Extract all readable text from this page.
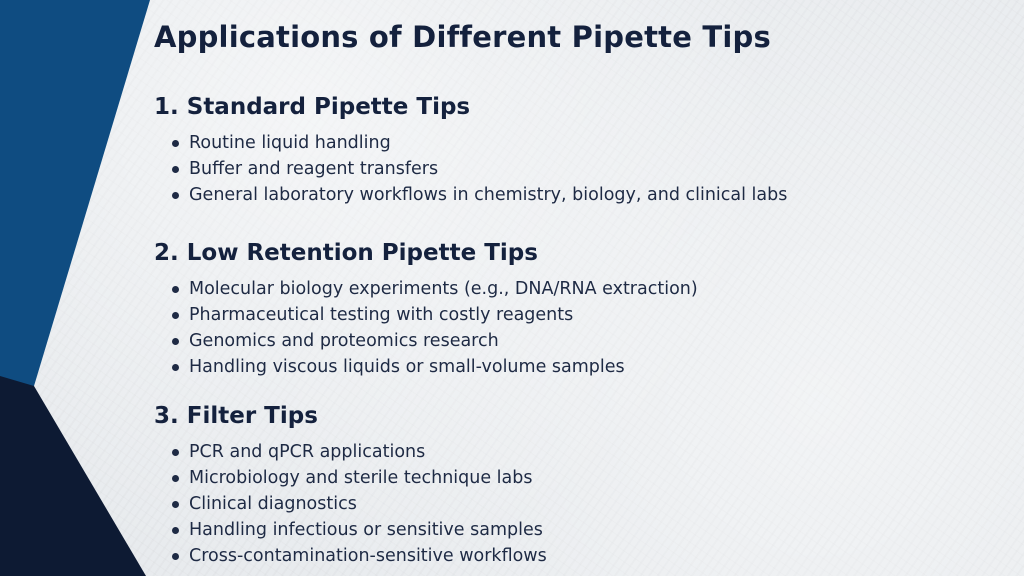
Applications of Different Pipette Tips
1. Standard Pipette Tips
Routine liquid handling
Buffer and reagent transfers
General laboratory workflows in chemistry, biology, and clinical labs
2. Low Retention Pipette Tips
Molecular biology experiments (e.g., DNA/RNA extraction)
Pharmaceutical testing with costly reagents
Genomics and proteomics research
Handling viscous liquids or small-volume samples
3. Filter Tips
PCR and qPCR applications
Microbiology and sterile technique labs
Clinical diagnostics
Handling infectious or sensitive samples
Cross-contamination-sensitive workflows
